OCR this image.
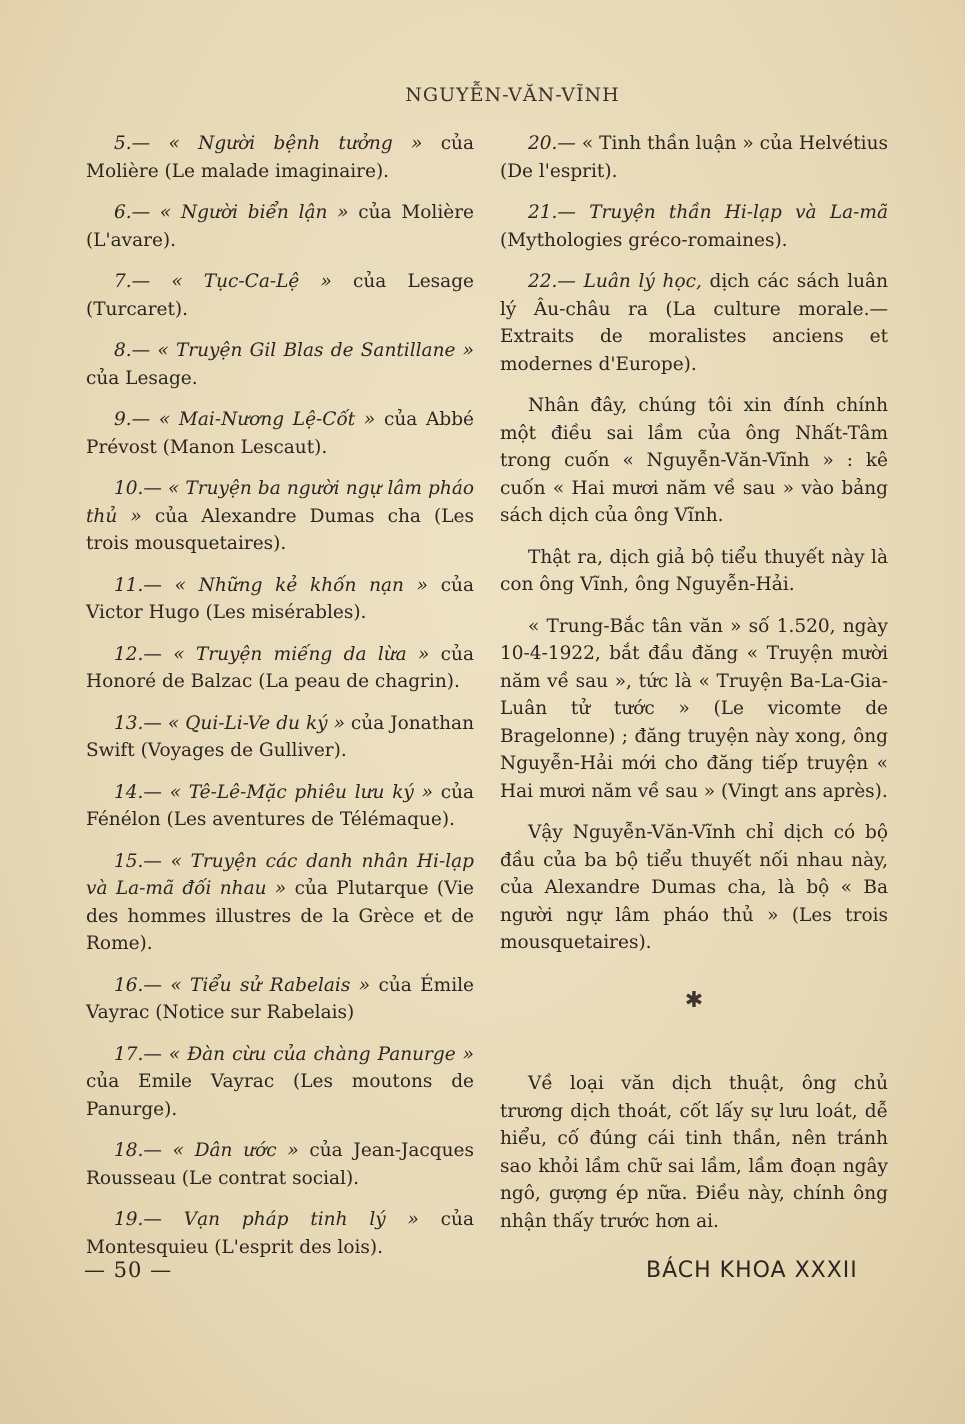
NGUYỄN-VĂN-VĨNH

5.— « Người bệnh tưởng » của Molière (Le malade imaginaire).

6.— « Người biển lận » của Molière (L'avare).

7.— « Tục-Ca-Lệ » của Lesage (Turcaret).

8.— « Truyện Gil Blas de Santillane » của Lesage.

9.— « Mai-Nương Lệ-Cốt » của Abbé Prévost (Manon Lescaut).

10.— « Truyện ba người ngự lâm pháo thủ » của Alexandre Dumas cha (Les trois mousquetaires).

11.— « Những kẻ khốn nạn » của Victor Hugo (Les misérables).

12.— « Truyện miếng da lừa » của Honoré de Balzac (La peau de chagrin).

13.— « Qui-Li-Ve du ký » của Jonathan Swift (Voyages de Gulliver).

14.— « Tê-Lê-Mặc phiêu lưu ký » của Fénélon (Les aventures de Télémaque).

15.— « Truyện các danh nhân Hi-lạp và La-mã đối nhau » của Plutarque (Vie des hommes illustres de la Grèce et de Rome).

16.— « Tiểu sử Rabelais » của Émile Vayrac (Notice sur Rabelais)

17.— « Đàn cừu của chàng Panurge » của Emile Vayrac (Les moutons de Panurge).

18.— « Dân ước » của Jean-Jacques Rousseau (Le contrat social).

19.— Vạn pháp tinh lý » của Montesquieu (L'esprit des lois).

20.— « Tinh thần luận » của Helvétius (De l'esprit).

21.— Truyện thần Hi-lạp và La-mã (Mythologies gréco-romaines).

22.— Luân lý học, dịch các sách luân lý Âu-châu ra (La culture morale.— Extraits de moralistes anciens et modernes d'Europe).

Nhân đây, chúng tôi xin đính chính một điều sai lầm của ông Nhất-Tâm trong cuốn « Nguyễn-Văn-Vĩnh » : kê cuốn « Hai mươi năm về sau » vào bảng sách dịch của ông Vĩnh.

Thật ra, dịch giả bộ tiểu thuyết này là con ông Vĩnh, ông Nguyễn-Hải.

« Trung-Bắc tân văn » số 1.520, ngày 10-4-1922, bắt đầu đăng « Truyện mười năm về sau », tức là « Truyện Ba-La-Gia-Luân tử tước » (Le vicomte de Bragelonne) ; đăng truyện này xong, ông Nguyễn-Hải mới cho đăng tiếp truyện « Hai mươi năm về sau » (Vingt ans après).

Vậy Nguyễn-Văn-Vĩnh chỉ dịch có bộ đầu của ba bộ tiểu thuyết nối nhau này, của Alexandre Dumas cha, là bộ « Ba người ngự lâm pháo thủ » (Les trois mousquetaires).

✱

Về loại văn dịch thuật, ông chủ trương dịch thoát, cốt lấy sự lưu loát, dễ hiểu, cố đúng cái tinh thần, nên tránh sao khỏi lầm chữ sai lầm, lầm đoạn ngây ngô, gượng ép nữa. Điều này, chính ông nhận thấy trước hơn ai.

— 50 —	BÁCH KHOA XXXII
